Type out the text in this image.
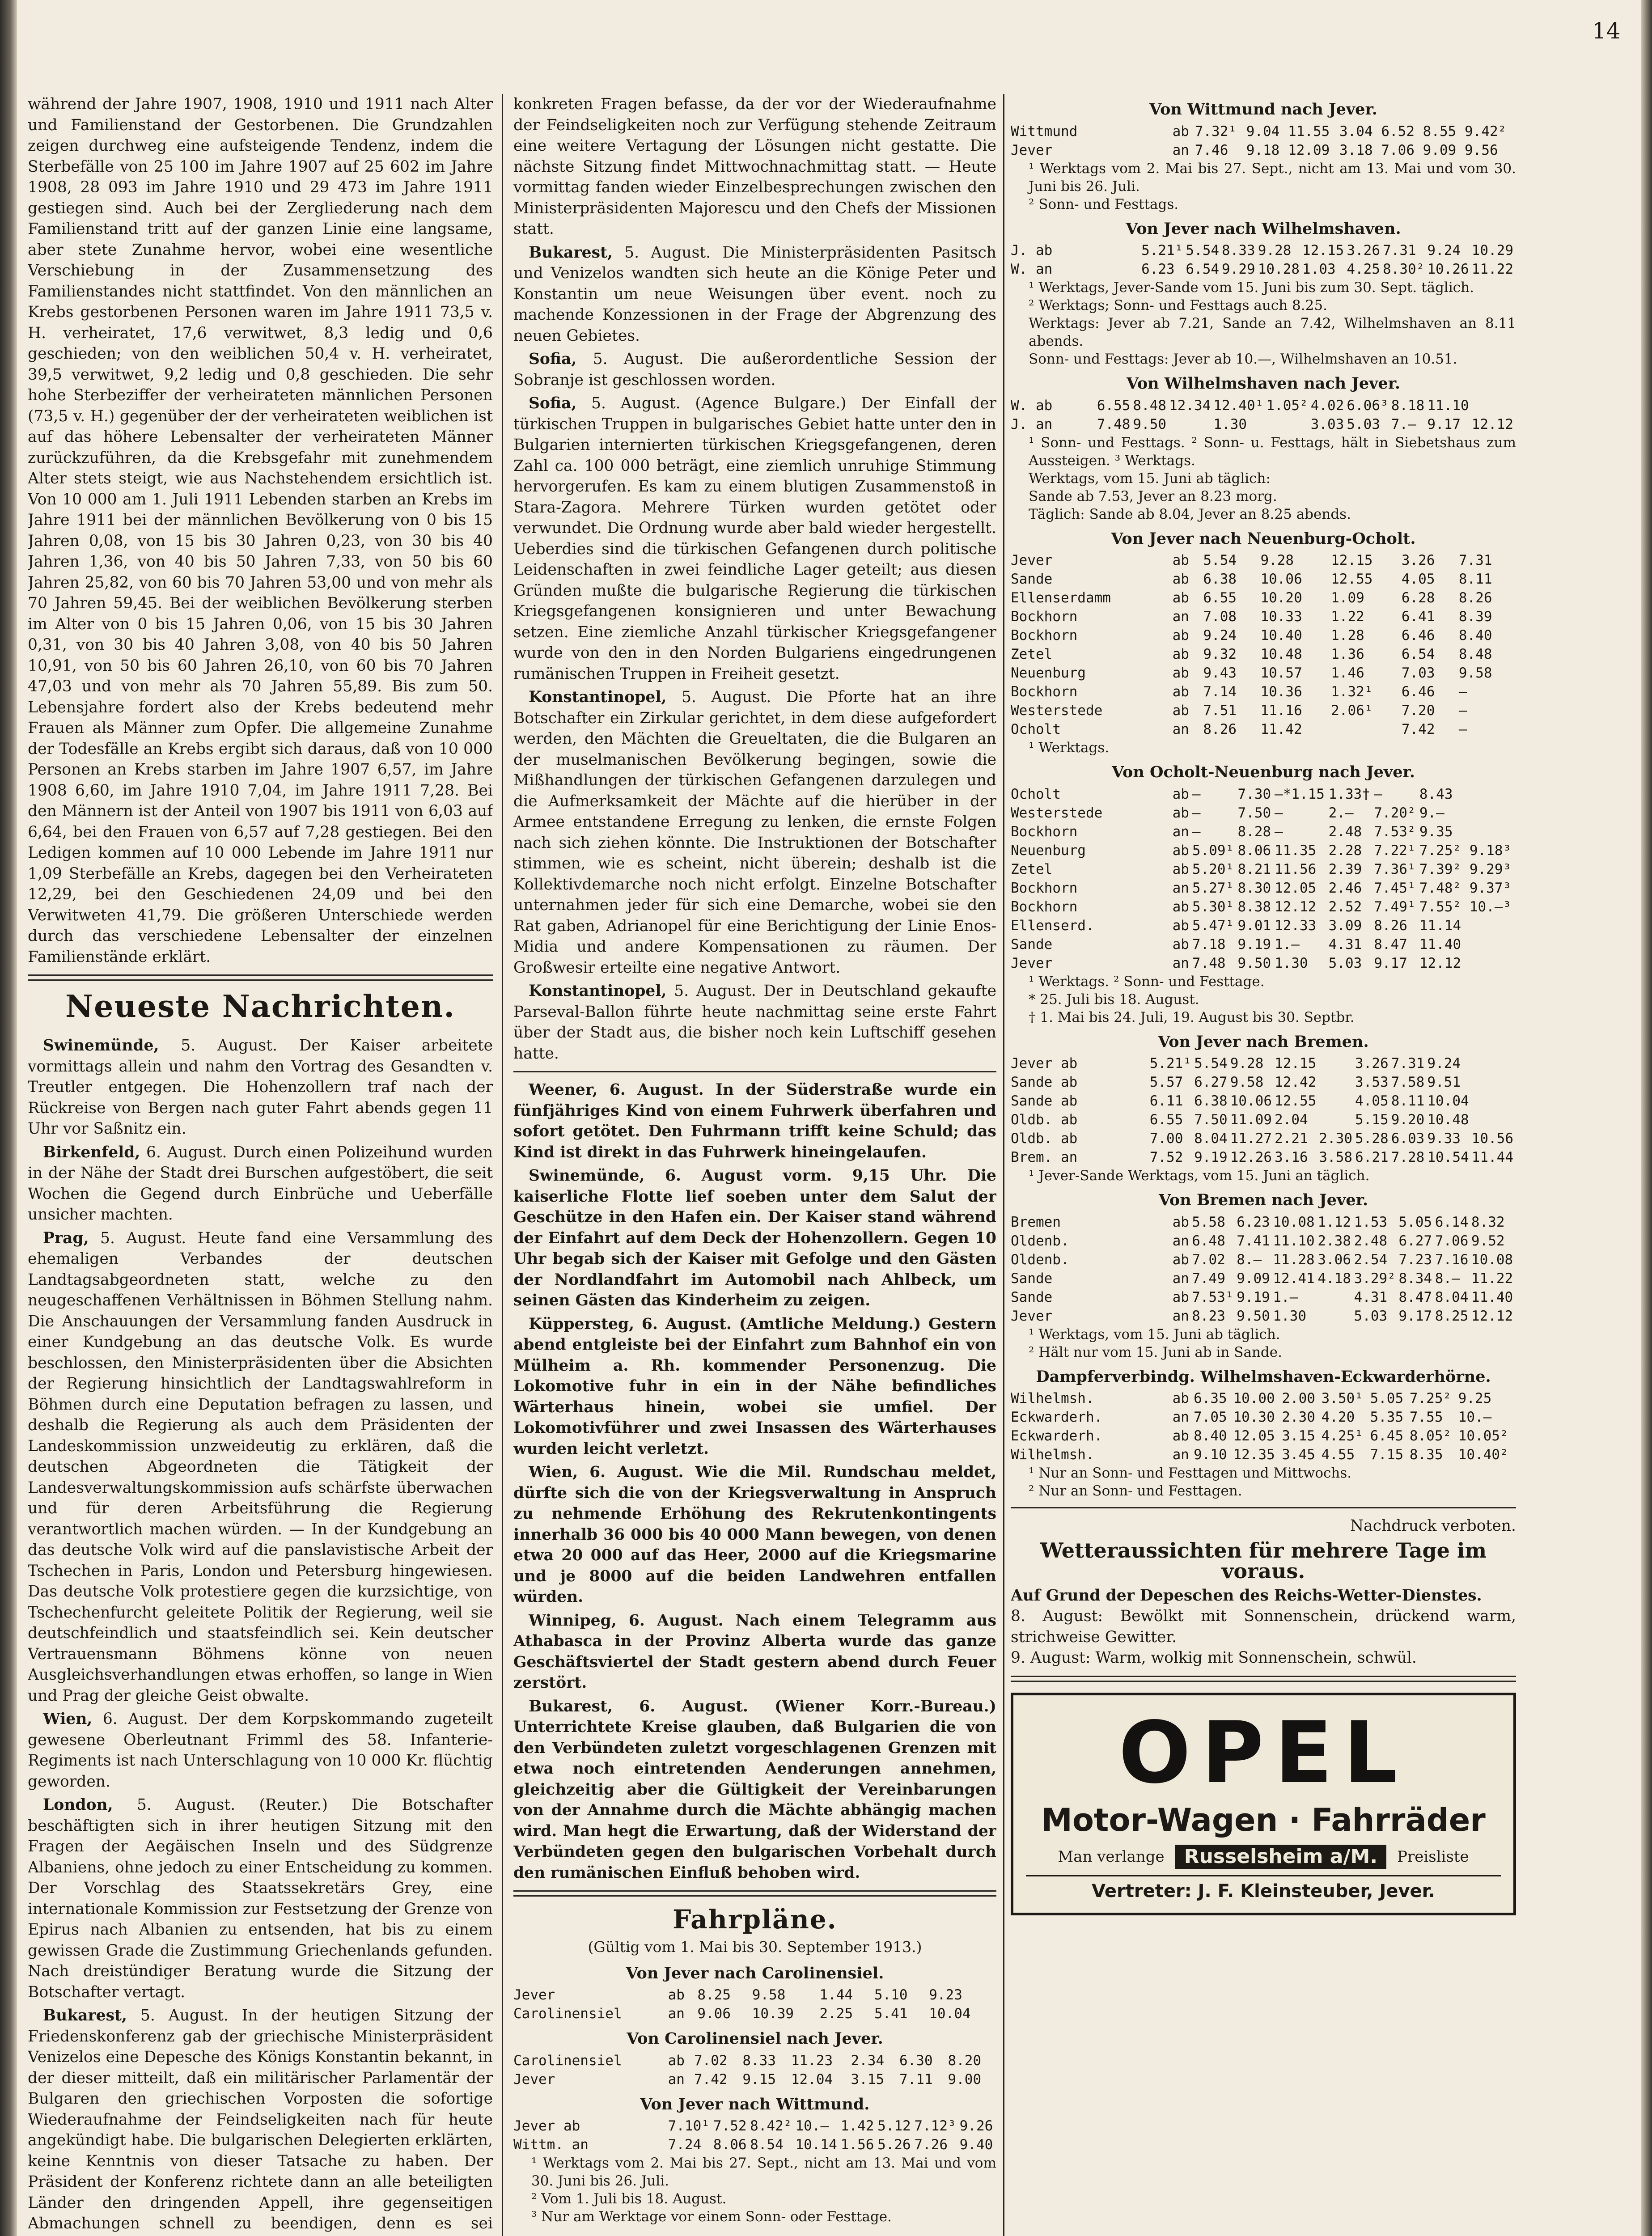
14

während der Jahre 1907, 1908, 1910 und 1911 nach Alter und Familienstand der Gestorbenen. Die Grundzahlen zeigen durchweg eine aufsteigende Tendenz, indem die Sterbefälle von 25 100 im Jahre 1907 auf 25 602 im Jahre 1908, 28 093 im Jahre 1910 und 29 473 im Jahre 1911 gestiegen sind. Auch bei der Zergliederung nach dem Familienstand tritt auf der ganzen Linie eine langsame, aber stete Zunahme hervor, wobei eine wesentliche Verschiebung in der Zusammensetzung des Familienstandes nicht stattfindet. Von den männlichen an Krebs gestorbenen Personen waren im Jahre 1911 73,5 v. H. verheiratet, 17,6 verwitwet, 8,3 ledig und 0,6 geschieden; von den weiblichen 50,4 v. H. verheiratet, 39,5 verwitwet, 9,2 ledig und 0,8 geschieden. Die sehr hohe Sterbeziffer der verheirateten männlichen Personen (73,5 v. H.) gegenüber der der verheirateten weiblichen ist auf das höhere Lebensalter der verheirateten Männer zurückzuführen, da die Krebsgefahr mit zunehmendem Alter stets steigt, wie aus Nachstehendem ersichtlich ist. Von 10 000 am 1. Juli 1911 Lebenden starben an Krebs im Jahre 1911 bei der männlichen Bevölkerung von 0 bis 15 Jahren 0,08, von 15 bis 30 Jahren 0,23, von 30 bis 40 Jahren 1,36, von 40 bis 50 Jahren 7,33, von 50 bis 60 Jahren 25,82, von 60 bis 70 Jahren 53,00 und von mehr als 70 Jahren 59,45. Bei der weiblichen Bevölkerung sterben im Alter von 0 bis 15 Jahren 0,06, von 15 bis 30 Jahren 0,31, von 30 bis 40 Jahren 3,08, von 40 bis 50 Jahren 10,91, von 50 bis 60 Jahren 26,10, von 60 bis 70 Jahren 47,03 und von mehr als 70 Jahren 55,89. Bis zum 50. Lebensjahre fordert also der Krebs bedeutend mehr Frauen als Männer zum Opfer. Die allgemeine Zunahme der Todesfälle an Krebs ergibt sich daraus, daß von 10 000 Personen an Krebs starben im Jahre 1907 6,57, im Jahre 1908 6,60, im Jahre 1910 7,04, im Jahre 1911 7,28. Bei den Männern ist der Anteil von 1907 bis 1911 von 6,03 auf 6,64, bei den Frauen von 6,57 auf 7,28 gestiegen. Bei den Ledigen kommen auf 10 000 Lebende im Jahre 1911 nur 1,09 Sterbefälle an Krebs, dagegen bei den Verheirateten 12,29, bei den Geschiedenen 24,09 und bei den Verwitweten 41,79. Die größeren Unterschiede werden durch das verschiedene Lebensalter der einzelnen Familienstände erklärt.

Neueste Nachrichten.

Swinemünde, 5. August. Der Kaiser arbeitete vormittags allein und nahm den Vortrag des Gesandten v. Treutler entgegen. Die Hohenzollern traf nach der Rückreise von Bergen nach guter Fahrt abends gegen 11 Uhr vor Saßnitz ein.

Birkenfeld, 6. August. Durch einen Polizeihund wurden in der Nähe der Stadt drei Burschen aufgestöbert, die seit Wochen die Gegend durch Einbrüche und Ueberfälle unsicher machten.

Prag, 5. August. Heute fand eine Versammlung des ehemaligen Verbandes der deutschen Landtagsabgeordneten statt, welche zu den neugeschaffenen Verhältnissen in Böhmen Stellung nahm. Die Anschauungen der Versammlung fanden Ausdruck in einer Kundgebung an das deutsche Volk. Es wurde beschlossen, den Ministerpräsidenten über die Absichten der Regierung hinsichtlich der Landtagswahlreform in Böhmen durch eine Deputation befragen zu lassen, und deshalb die Regierung als auch dem Präsidenten der Landeskommission unzweideutig zu erklären, daß die deutschen Abgeordneten die Tätigkeit der Landesverwaltungskommission aufs schärfste überwachen und für deren Arbeitsführung die Regierung verantwortlich machen würden. — In der Kundgebung an das deutsche Volk wird auf die panslavistische Arbeit der Tschechen in Paris, London und Petersburg hingewiesen. Das deutsche Volk protestiere gegen die kurzsichtige, von Tschechenfurcht geleitete Politik der Regierung, weil sie deutschfeindlich und staatsfeindlich sei. Kein deutscher Vertrauensmann Böhmens könne von neuen Ausgleichsverhandlungen etwas erhoffen, so lange in Wien und Prag der gleiche Geist obwalte.

Wien, 6. August. Der dem Korpskommando zugeteilt gewesene Oberleutnant Frimml des 58. Infanterie-Regiments ist nach Unterschlagung von 10 000 Kr. flüchtig geworden.

London, 5. August. (Reuter.) Die Botschafter beschäftigten sich in ihrer heutigen Sitzung mit den Fragen der Aegäischen Inseln und des Südgrenze Albaniens, ohne jedoch zu einer Entscheidung zu kommen. Der Vorschlag des Staatssekretärs Grey, eine internationale Kommission zur Festsetzung der Grenze von Epirus nach Albanien zu entsenden, hat bis zu einem gewissen Grade die Zustimmung Griechenlands gefunden. Nach dreistündiger Beratung wurde die Sitzung der Botschafter vertagt.

Bukarest, 5. August. In der heutigen Sitzung der Friedenskonferenz gab der griechische Ministerpräsident Venizelos eine Depesche des Königs Konstantin bekannt, in der dieser mitteilt, daß ein militärischer Parlamentär der Bulgaren den griechischen Vorposten die sofortige Wiederaufnahme der Feindseligkeiten nach für heute angekündigt habe. Die bulgarischen Delegierten erklärten, keine Kenntnis von dieser Tatsache zu haben. Der Präsident der Konferenz richtete dann an alle beteiligten Länder den dringenden Appell, ihre gegenseitigen Abmachungen schnell zu beendigen, denn es sei

konkreten Fragen befasse, da der vor der Wiederaufnahme der Feindseligkeiten noch zur Verfügung stehende Zeitraum eine weitere Vertagung der Lösungen nicht gestatte. Die nächste Sitzung findet Mittwochnachmittag statt. — Heute vormittag fanden wieder Einzelbesprechungen zwischen den Ministerpräsidenten Majorescu und den Chefs der Missionen statt.

Bukarest, 5. August. Die Ministerpräsidenten Pasitsch und Venizelos wandten sich heute an die Könige Peter und Konstantin um neue Weisungen über event. noch zu machende Konzessionen in der Frage der Abgrenzung des neuen Gebietes.

Sofia, 5. August. Die außerordentliche Session der Sobranje ist geschlossen worden.

Sofia, 5. August. (Agence Bulgare.) Der Einfall der türkischen Truppen in bulgarisches Gebiet hatte unter den in Bulgarien internierten türkischen Kriegsgefangenen, deren Zahl ca. 100 000 beträgt, eine ziemlich unruhige Stimmung hervorgerufen. Es kam zu einem blutigen Zusammenstoß in Stara-Zagora. Mehrere Türken wurden getötet oder verwundet. Die Ordnung wurde aber bald wieder hergestellt. Ueberdies sind die türkischen Gefangenen durch politische Leidenschaften in zwei feindliche Lager geteilt; aus diesen Gründen mußte die bulgarische Regierung die türkischen Kriegsgefangenen konsignieren und unter Bewachung setzen. Eine ziemliche Anzahl türkischer Kriegsgefangener wurde von den in den Norden Bulgariens eingedrungenen rumänischen Truppen in Freiheit gesetzt.

Konstantinopel, 5. August. Die Pforte hat an ihre Botschafter ein Zirkular gerichtet, in dem diese aufgefordert werden, den Mächten die Greueltaten, die die Bulgaren an der muselmanischen Bevölkerung begingen, sowie die Mißhandlungen der türkischen Gefangenen darzulegen und die Aufmerksamkeit der Mächte auf die hierüber in der Armee entstandene Erregung zu lenken, die ernste Folgen nach sich ziehen könnte. Die Instruktionen der Botschafter stimmen, wie es scheint, nicht überein; deshalb ist die Kollektivdemarche noch nicht erfolgt. Einzelne Botschafter unternahmen jeder für sich eine Demarche, wobei sie den Rat gaben, Adrianopel für eine Berichtigung der Linie Enos-Midia und andere Kompensationen zu räumen. Der Großwesir erteilte eine negative Antwort.

Konstantinopel, 5. August. Der in Deutschland gekaufte Parseval-Ballon führte heute nachmittag seine erste Fahrt über der Stadt aus, die bisher noch kein Luftschiff gesehen hatte.

Weener, 6. August. In der Süderstraße wurde ein fünfjähriges Kind von einem Fuhrwerk überfahren und sofort getötet. Den Fuhrmann trifft keine Schuld; das Kind ist direkt in das Fuhrwerk hineingelaufen.

Swinemünde, 6. August vorm. 9,15 Uhr. Die kaiserliche Flotte lief soeben unter dem Salut der Geschütze in den Hafen ein. Der Kaiser stand während der Einfahrt auf dem Deck der Hohenzollern. Gegen 10 Uhr begab sich der Kaiser mit Gefolge und den Gästen der Nordlandfahrt im Automobil nach Ahlbeck, um seinen Gästen das Kinderheim zu zeigen.

Küppersteg, 6. August. (Amtliche Meldung.) Gestern abend entgleiste bei der Einfahrt zum Bahnhof ein von Mülheim a. Rh. kommender Personenzug. Die Lokomotive fuhr in ein in der Nähe befindliches Wärterhaus hinein, wobei sie umfiel. Der Lokomotivführer und zwei Insassen des Wärterhauses wurden leicht verletzt.

Wien, 6. August. Wie die Mil. Rundschau meldet, dürfte sich die von der Kriegsverwaltung in Anspruch zu nehmende Erhöhung des Rekrutenkontingents innerhalb 36 000 bis 40 000 Mann bewegen, von denen etwa 20 000 auf das Heer, 2000 auf die Kriegsmarine und je 8000 auf die beiden Landwehren entfallen würden.

Winnipeg, 6. August. Nach einem Telegramm aus Athabasca in der Provinz Alberta wurde das ganze Geschäftsviertel der Stadt gestern abend durch Feuer zerstört.

Bukarest, 6. August. (Wiener Korr.-Bureau.) Unterrichtete Kreise glauben, daß Bulgarien die von den Verbündeten zuletzt vorgeschlagenen Grenzen mit etwa noch eintretenden Aenderungen annehmen, gleichzeitig aber die Gültigkeit der Vereinbarungen von der Annahme durch die Mächte abhängig machen wird. Man hegt die Erwartung, daß der Widerstand der Verbündeten gegen den bulgarischen Vorbehalt durch den rumänischen Einfluß behoben wird.

Fahrpläne.
(Gültig vom 1. Mai bis 30. September 1913.)
Von Jever nach Carolinensiel.
Jever	ab	8.25	9.58	1.44	5.10	9.23
Carolinensiel	an	9.06	10.39	2.25	5.41	10.04
Von Carolinensiel nach Jever.
Carolinensiel	ab	7.02	8.33	11.23	2.34	6.30	8.20
Jever	an	7.42	9.15	12.04	3.15	7.11	9.00
Von Jever nach Wittmund.
Jever ab	7.10¹	7.52	8.42²	10.—	1.42	5.12	7.12³	9.26
Wittm. an	7.24	8.06	8.54	10.14	1.56	5.26	7.26	9.40
¹ Werktags vom 2. Mai bis 27. Sept., nicht am 13. Mai und vom 30. Juni bis 26. Juli.
² Vom 1. Juli bis 18. August.
³ Nur am Werktage vor einem Sonn- oder Festtage.
Von Wittmund nach Jever.
Wittmund	ab	7.32¹	9.04	11.55	3.04	6.52	8.55	9.42²
Jever	an	7.46	9.18	12.09	3.18	7.06	9.09	9.56
¹ Werktags vom 2. Mai bis 27. Sept., nicht am 13. Mai und vom 30. Juni bis 26. Juli.
² Sonn- und Festtags.
Von Jever nach Wilhelmshaven.
J. ab	5.21¹	5.54	8.33	9.28	12.15	3.26	7.31	9.24	10.29
W. an	6.23	6.54	9.29	10.28	1.03	4.25	8.30²	10.26	11.22
¹ Werktags, Jever-Sande vom 15. Juni bis zum 30. Sept. täglich.
² Werktags; Sonn- und Festtags auch 8.25.
Werktags: Jever ab 7.21, Sande an 7.42, Wilhelmshaven an 8.11 abends.
Sonn- und Festtags: Jever ab 10.—, Wilhelmshaven an 10.51.
Von Wilhelmshaven nach Jever.
W. ab	6.55	8.48	12.34	12.40¹	1.05²	4.02	6.06³	8.18	11.10	
J. an	7.48	9.50		1.30		3.03	5.03	7.—	9.17	12.12
¹ Sonn- und Festtags. ² Sonn- u. Festtags, hält in Siebetshaus zum Aussteigen. ³ Werktags.
Werktags, vom 15. Juni ab täglich:
Sande ab 7.53, Jever an 8.23 morg.
Täglich: Sande ab 8.04, Jever an 8.25 abends.
Von Jever nach Neuenburg-Ocholt.
Jever	ab	5.54	9.28	12.15	3.26	7.31
Sande	ab	6.38	10.06	12.55	4.05	8.11
Ellenserdamm	ab	6.55	10.20	1.09	6.28	8.26
Bockhorn	an	7.08	10.33	1.22	6.41	8.39
Bockhorn	ab	9.24	10.40	1.28	6.46	8.40
Zetel	ab	9.32	10.48	1.36	6.54	8.48
Neuenburg	ab	9.43	10.57	1.46	7.03	9.58
Bockhorn	ab	7.14	10.36	1.32¹	6.46	—
Westerstede	ab	7.51	11.16	2.06¹	7.20	—
Ocholt	an	8.26	11.42		7.42	—
¹ Werktags.
Von Ocholt-Neuenburg nach Jever.
Ocholt	ab	—	7.30	—*1.15	1.33†	—	8.43
Westerstede	ab	—	7.50	—	2.—	7.20²	9.—
Bockhorn	an	—	8.28	—	2.48	7.53²	9.35
Neuenburg	ab	5.09¹	8.06	11.35	2.28	7.22¹	7.25² 9.18³
Zetel	ab	5.20¹	8.21	11.56	2.39	7.36¹	7.39² 9.29³
Bockhorn	an	5.27¹	8.30	12.05	2.46	7.45¹	7.48² 9.37³
Bockhorn	ab	5.30¹	8.38	12.12	2.52	7.49¹	7.55² 10.—³
Ellenserd.	ab	5.47¹	9.01	12.33	3.09	8.26	11.14
Sande	ab	7.18	9.19	1.—	4.31	8.47	11.40
Jever	an	7.48	9.50	1.30	5.03	9.17	12.12
¹ Werktags. ² Sonn- und Festtage.
* 25. Juli bis 18. August.
† 1. Mai bis 24. Juli, 19. August bis 30. Septbr.
Von Jever nach Bremen.
Jever ab	5.21¹	5.54	9.28	12.15		3.26	7.31	9.24	
Sande ab	5.57	6.27	9.58	12.42		3.53	7.58	9.51	
Sande ab	6.11	6.38	10.06	12.55		4.05	8.11	10.04	
Oldb. ab	6.55	7.50	11.09	2.04		5.15	9.20	10.48	
Oldb. ab	7.00	8.04	11.27	2.21	2.30	5.28	6.03	9.33	10.56
Brem. an	7.52	9.19	12.26	3.16	3.58	6.21	7.28	10.54	11.44
¹ Jever-Sande Werktags, vom 15. Juni an täglich.
Von Bremen nach Jever.
Bremen	ab	5.58	6.23	10.08	1.12	1.53	5.05	6.14	8.32
Oldenb.	an	6.48	7.41	11.10	2.38	2.48	6.27	7.06	9.52
Oldenb.	ab	7.02	8.—	11.28	3.06	2.54	7.23	7.16	10.08
Sande	an	7.49	9.09	12.41	4.18	3.29²	8.34	8.—	11.22
Sande	ab	7.53¹	9.19	1.—		4.31	8.47	8.04	11.40
Jever	an	8.23	9.50	1.30		5.03	9.17	8.25	12.12
¹ Werktags, vom 15. Juni ab täglich.
² Hält nur vom 15. Juni ab in Sande.
Dampferverbindg. Wilhelmshaven-Eckwarderhörne.
Wilhelmsh.	ab	6.35	10.00	2.00	3.50¹	5.05	7.25²	9.25
Eckwarderh.	an	7.05	10.30	2.30	4.20	5.35	7.55	10.—
Eckwarderh.	ab	8.40	12.05	3.15	4.25¹	6.45	8.05²	10.05²
Wilhelmsh.	an	9.10	12.35	3.45	4.55	7.15	8.35	10.40²
¹ Nur an Sonn- und Festtagen und Mittwochs.
² Nur an Sonn- und Festtagen.
Nachdruck verboten.
Wetteraussichten für mehrere Tage im voraus.
Auf Grund der Depeschen des Reichs-Wetter-Dienstes.
8. August: Bewölkt mit Sonnenschein, drückend warm, strichweise Gewitter.
9. August: Warm, wolkig mit Sonnenschein, schwül.
OPEL
Motor-Wagen · Fahrräder
Man verlange	Russelsheim a/M.	Preisliste
Vertreter: J. F. Kleinsteuber, Jever.
